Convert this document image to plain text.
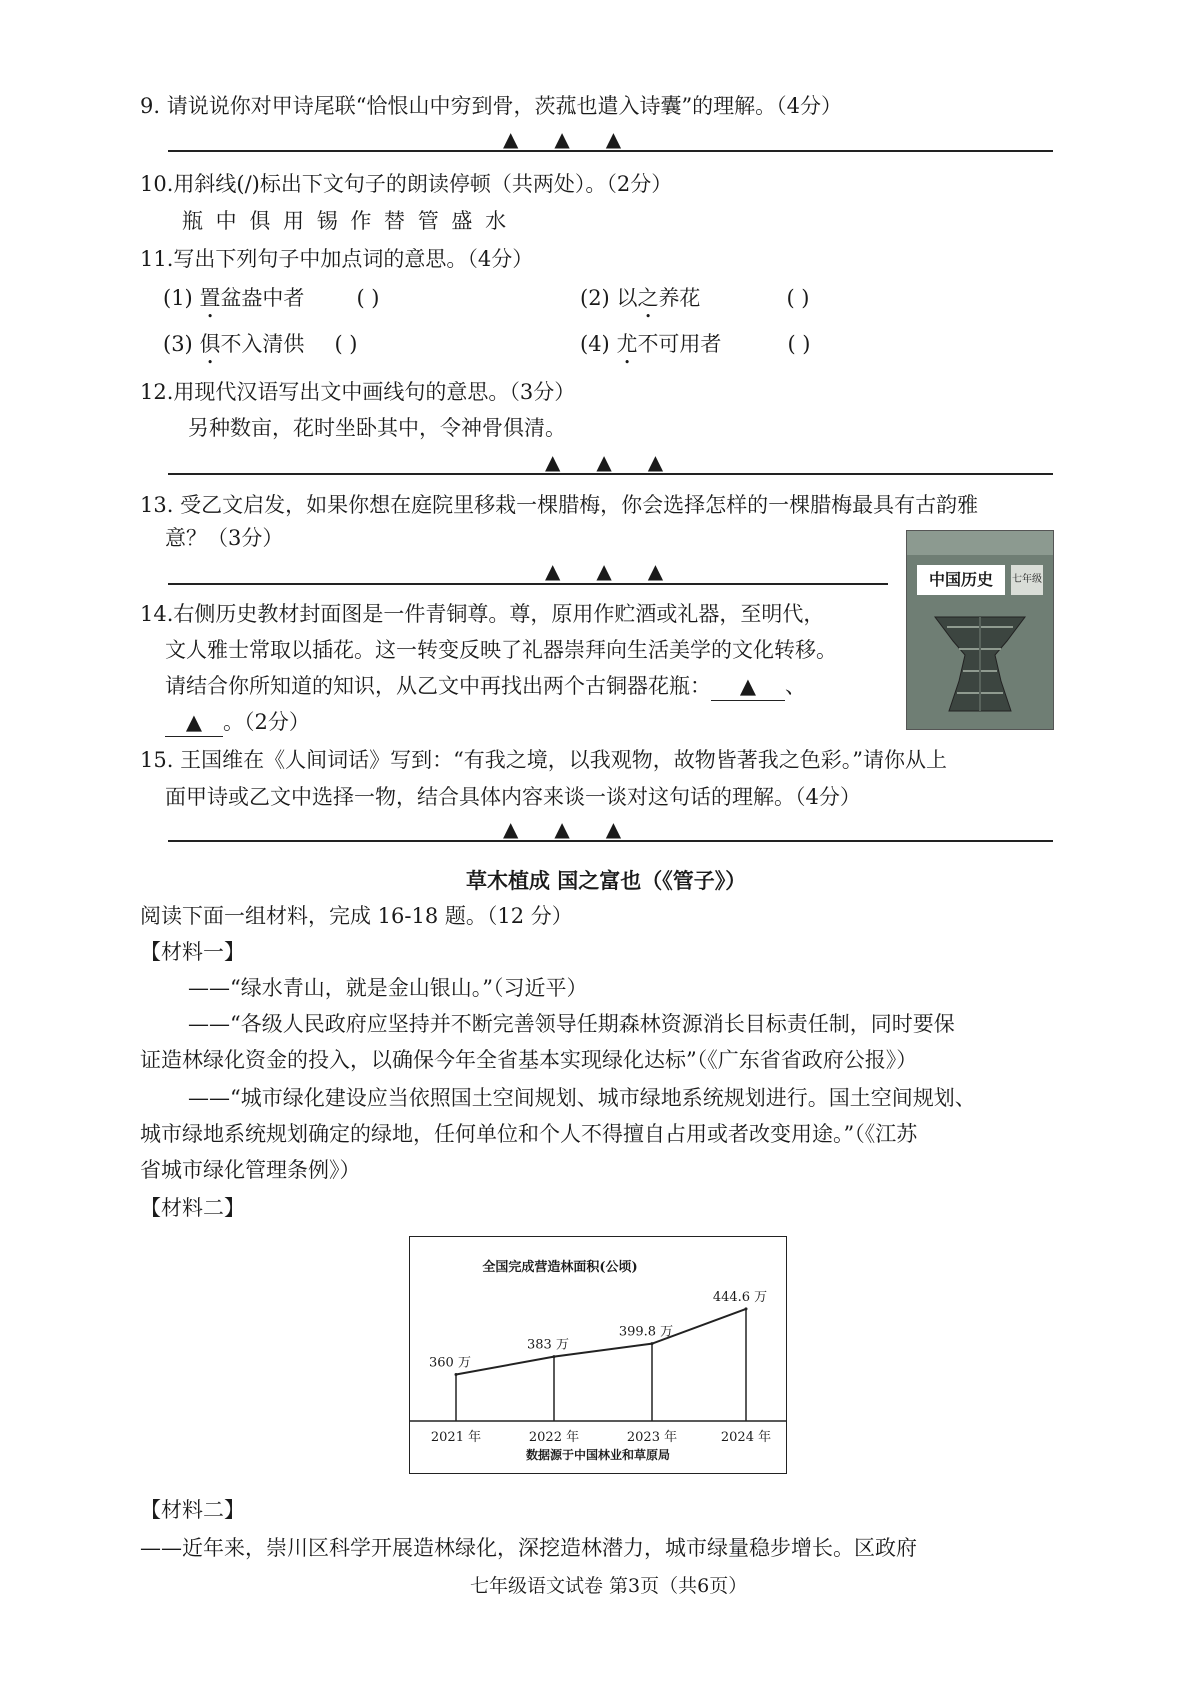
9. 请说说你对甲诗尾联“恰恨山中穷到骨，茨菰也遣入诗囊”的理解。（4分）
▲▲▲
10.用斜线(/)标出下文句子的朗读停顿（共两处）。（2分）
瓶 中 俱 用 锡 作 替 管 盛 水
11.写出下列句子中加点词的意思。（4分）
(1) 置盆盎中者 ( )	(2) 以之养花	( )
(3) 俱不入清供 ( )	(4) 尤不可用者	( )
12.用现代汉语写出文中画线句的意思。（3分）
另种数亩，花时坐卧其中，令神骨俱清。
▲▲▲
13. 受乙文启发，如果你想在庭院里移栽一棵腊梅，你会选择怎样的一棵腊梅最具有古韵雅
意？（3分）
▲▲▲	中国历史	七年级
14.右侧历史教材封面图是一件青铜尊。尊，原用作贮酒或礼器，至明代，
文人雅士常取以插花。这一转变反映了礼器崇拜向生活美学的文化转移。
请结合你所知道的知识，从乙文中再找出两个古铜器花瓶： ▲ 、
▲ 。（2分）
15. 王国维在《人间词话》写到：“有我之境，以我观物，故物皆著我之色彩。”请你从上
面甲诗或乙文中选择一物，结合具体内容来谈一谈对这句话的理解。（4分）
▲▲▲
草木植成 国之富也（《管子》）
阅读下面一组材料，完成 16-18 题。（12 分）
【材料一】
——“绿水青山，就是金山银山。”（习近平）
——“各级人民政府应坚持并不断完善领导任期森林资源消长目标责任制，同时要保
证造林绿化资金的投入，以确保今年全省基本实现绿化达标”（《广东省省政府公报》）
——“城市绿化建设应当依照国土空间规划、城市绿地系统规划进行。国土空间规划、
城市绿地系统规划确定的绿地，任何单位和个人不得擅自占用或者改变用途。”（《江苏
省城市绿化管理条例》）
【材料二】
全国完成营造林面积(公顷)
360 万
383 万
399.8 万
444.6 万
2021 年	2022 年	2023 年	2024 年
数据源于中国林业和草原局
【材料二】
——近年来，崇川区科学开展造林绿化，深挖造林潜力，城市绿量稳步增长。区政府
七年级语文试卷 第3页（共6页）
